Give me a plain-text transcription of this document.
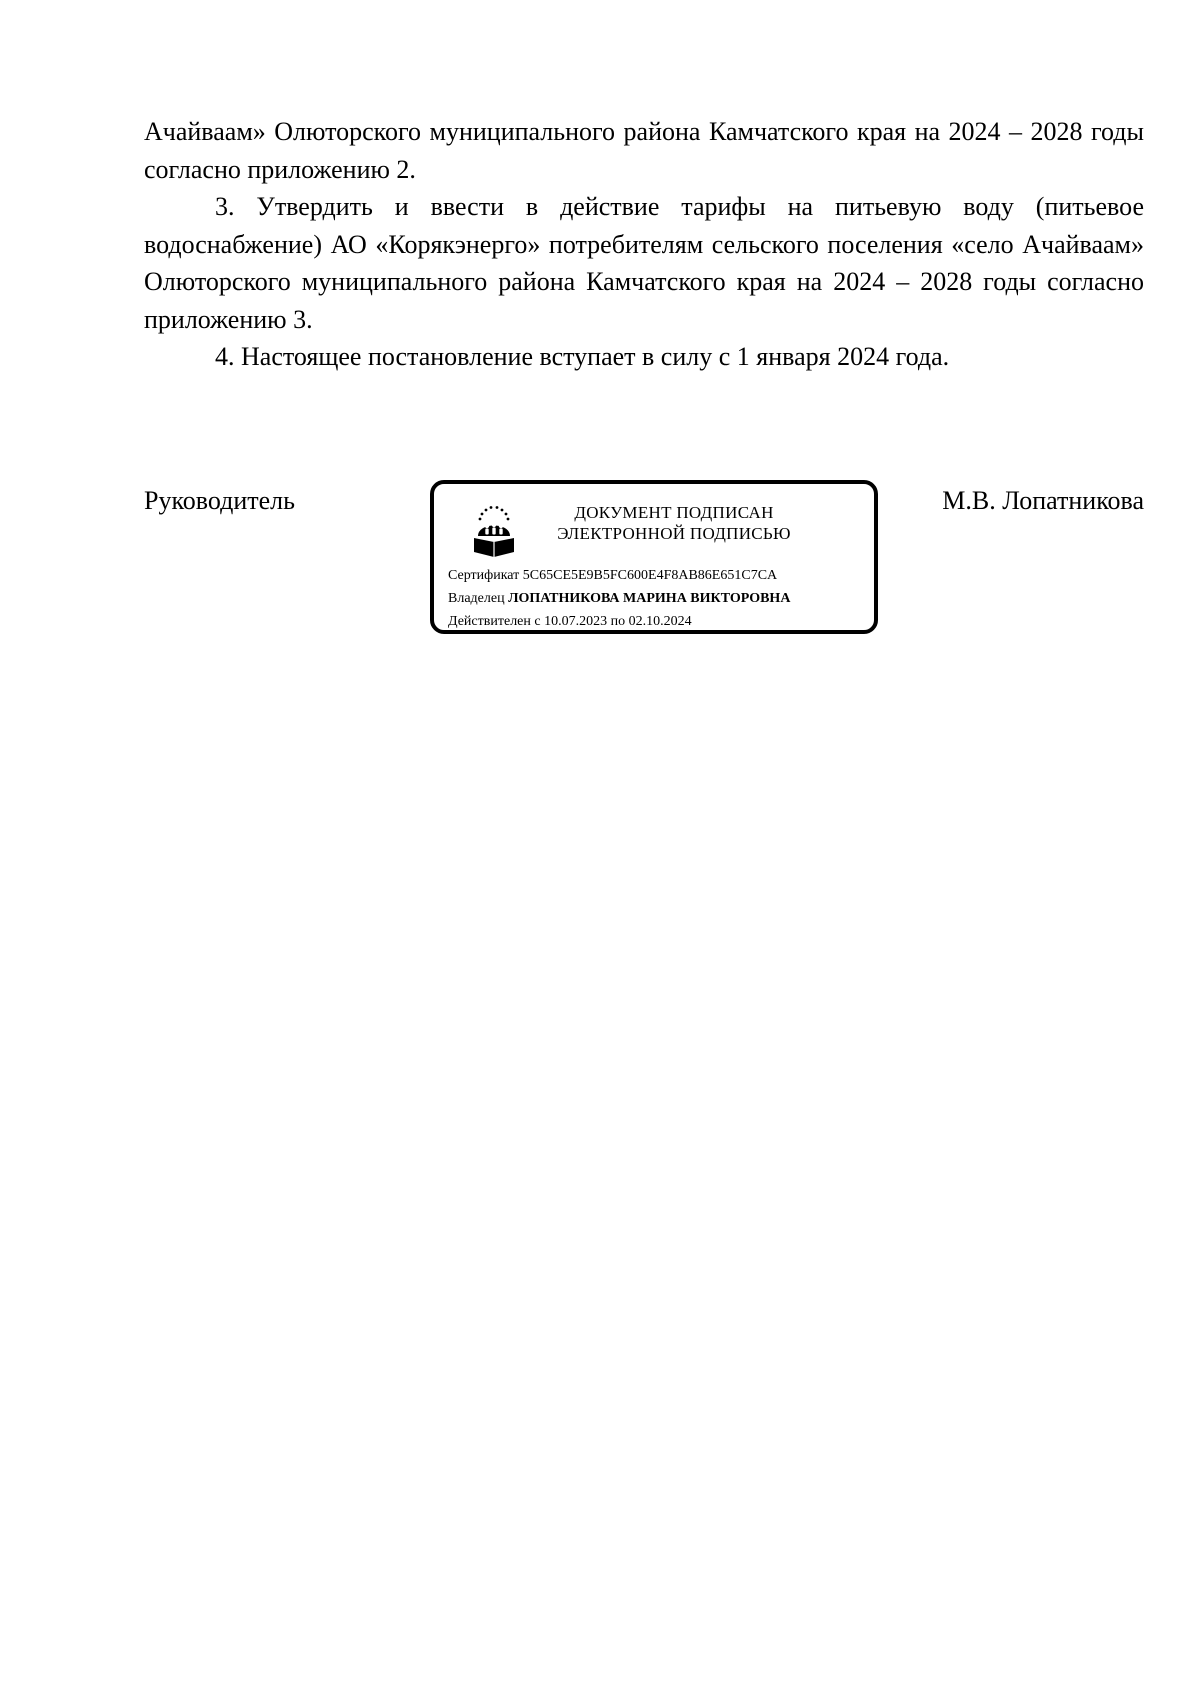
Ачайваам» Олюторского муниципального района Камчатского края на 2024 – 2028 годы согласно приложению 2.

3. Утвердить и ввести в действие тарифы на питьевую воду (питьевое водоснабжение) АО «Корякэнерго» потребителям сельского поселения «село Ачайваам» Олюторского муниципального района Камчатского края на 2024 – 2028 годы согласно приложению 3.

4. Настоящее постановление вступает в силу с 1 января 2024 года.

Руководитель	ДОКУМЕНТ ПОДПИСАН
ЭЛЕКТРОННОЙ ПОДПИСЬЮ
Сертификат 5C65CE5E9B5FC600E4F8AB86E651C7CA
Владелец ЛОПАТНИКОВА МАРИНА ВИКТОРОВНА
Действителен с 10.07.2023 по 02.10.2024
М.В. Лопатникова
